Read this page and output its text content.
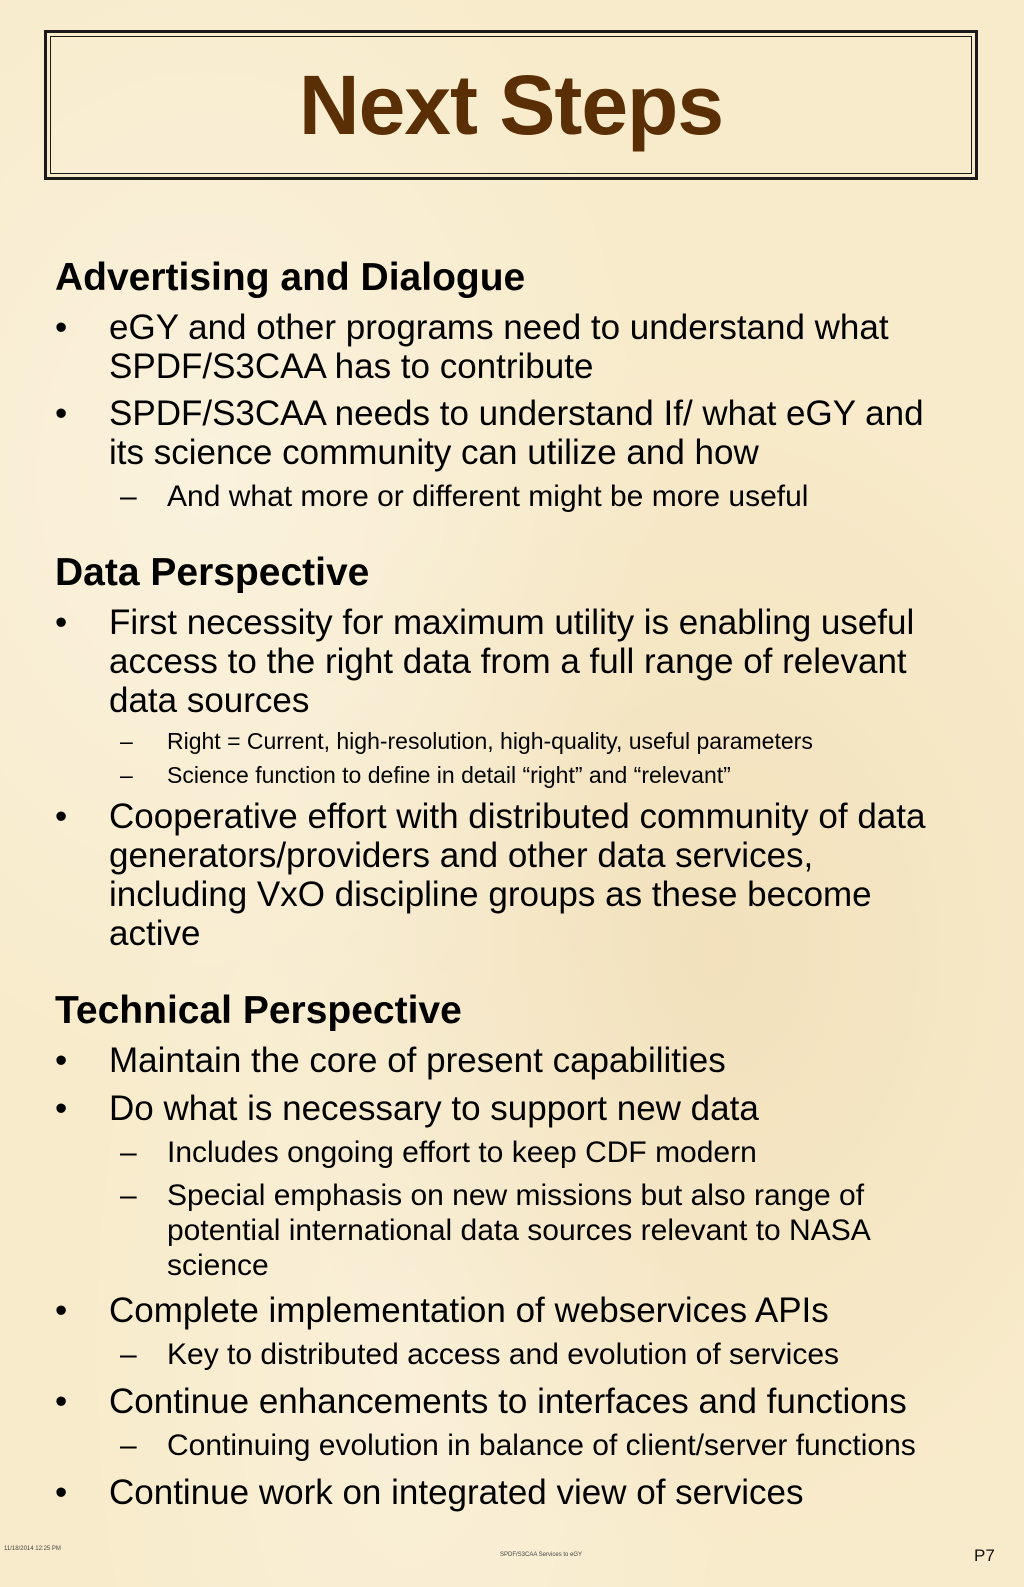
Next Steps
Advertising and Dialogue
• eGY and other programs need to understand what
SPDF/S3CAA has to contribute
• SPDF/S3CAA needs to understand If/ what eGY and
its science community can utilize and how
– And what more or different might be more useful
Data Perspective
• First necessity for maximum utility is enabling useful
access to the right data from a full range of relevant
data sources
– Right = Current, high-resolution, high-quality, useful parameters
– Science function to define in detail “right” and “relevant”
• Cooperative effort with distributed community of data
generators/providers and other data services,
including VxO discipline groups as these become
active
Technical Perspective
• Maintain the core of present capabilities
• Do what is necessary to support new data
– Includes ongoing effort to keep CDF modern
– Special emphasis on new missions but also range of
potential international data sources relevant to NASA
science
• Complete implementation of webservices APIs
– Key to distributed access and evolution of services
• Continue enhancements to interfaces and functions
– Continuing evolution in balance of client/server functions
• Continue work on integrated view of services
11/18/2014 12:25 PM
SPDF/S3CAA Services to eGY	P7
